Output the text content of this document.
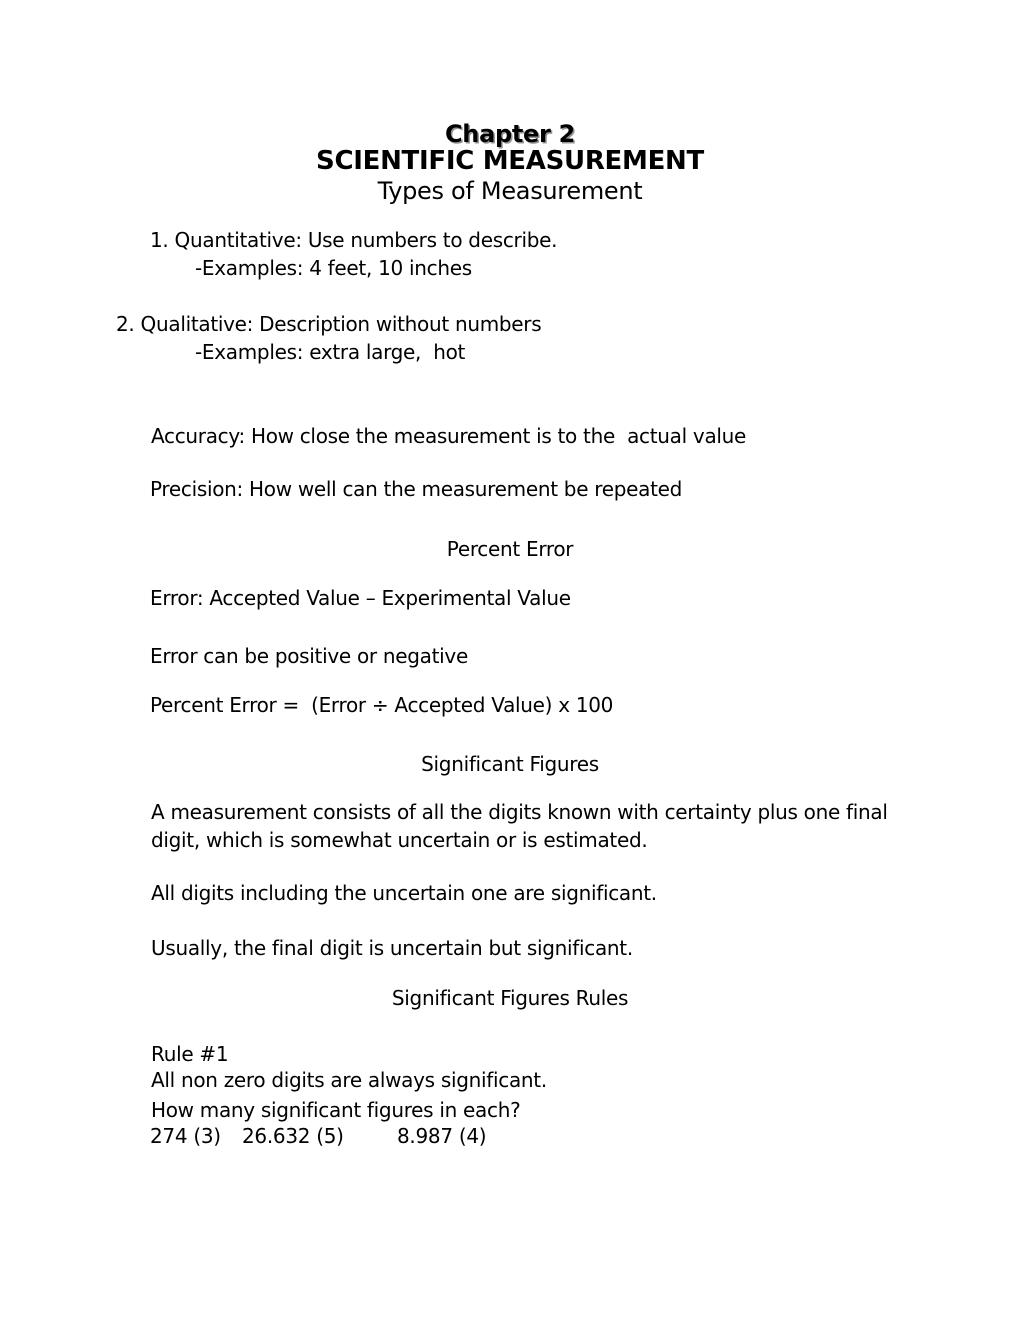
Chapter 2
SCIENTIFIC MEASUREMENT
Types of Measurement
1. Quantitative: Use numbers to describe.
-Examples: 4 feet, 10 inches
2. Qualitative: Description without numbers
-Examples: extra large,  hot
Accuracy: How close the measurement is to the  actual value
Precision: How well can the measurement be repeated
Percent Error
Error: Accepted Value – Experimental Value
Error can be positive or negative
Percent Error =  (Error ÷ Accepted Value) x 100
Significant Figures
A measurement consists of all the digits known with certainty plus one final
digit, which is somewhat uncertain or is estimated.
All digits including the uncertain one are significant.
Usually, the final digit is uncertain but significant.
Significant Figures Rules
Rule #1
All non zero digits are always significant.
How many significant figures in each?
274 (3) 26.632 (5)	8.987 (4)
